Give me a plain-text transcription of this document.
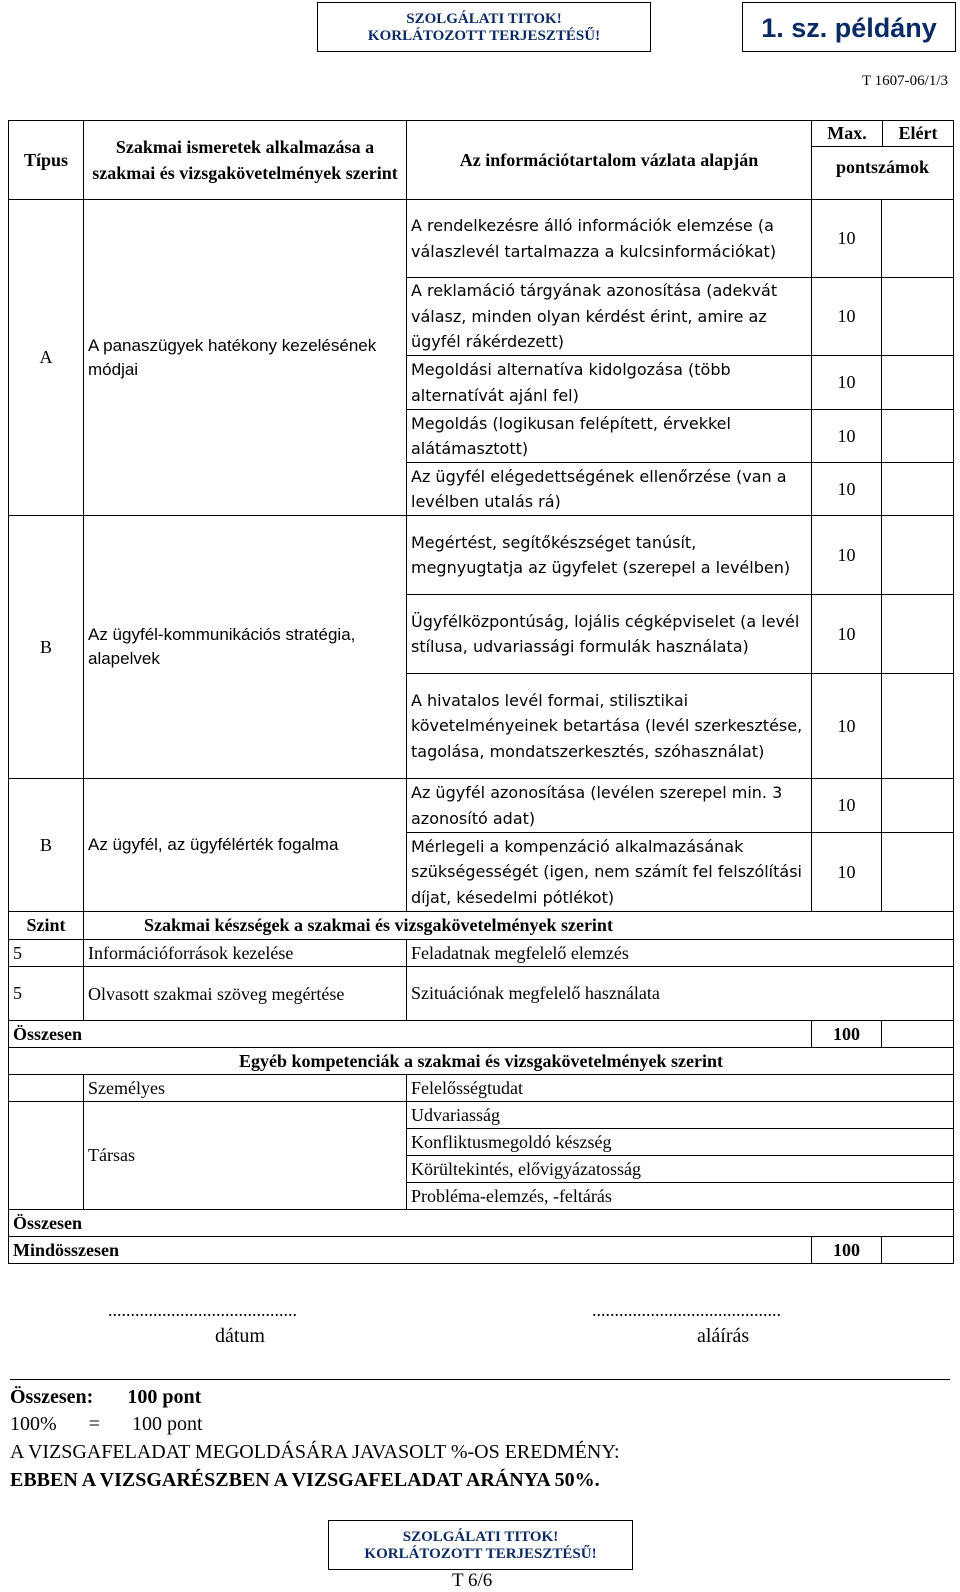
SZOLGÁLATI TITOK!
KORLÁTOZOTT TERJESZTÉSŰ!	1. sz. példány
T 1607-06/1/3
Típus	Szakmai ismeretek alkalmazása a szakmai és vizsgakövetelmények szerint	Az információtartalom vázlata alapján	Max. Elért
pontszámok	

A	A panaszügyek hatékony kezelésének módjai	A rendelkezésre álló információk elemzése (a válaszlevél tartalmazza a kulcsinformációkat)	10	
		A reklamáció tárgyának azonosítása (adekvát válasz, minden olyan kérdést érint, amire az ügyfél rákérdezett)	10	
		Megoldási alternatíva kidolgozása (több alternatívát ajánl fel)	10	
		Megoldás (logikusan felépített, érvekkel alátámasztott)	10	
		Az ügyfél elégedettségének ellenőrzése (van a levélben utalás rá)	10	
B	Az ügyfél-kommunikációs stratégia, alapelvek	Megértést, segítőkészséget tanúsít, megnyugtatja az ügyfelet (szerepel a levélben)	10	
		Ügyfélközpontúság, lojális cégképviselet (a levél stílusa, udvariassági formulák használata)	10	
		A hivatalos levél formai, stilisztikai követelményeinek betartása (levél szerkesztése, tagolása, mondatszerkesztés, szóhasználat)	10	
B	Az ügyfél, az ügyfélérték fogalma	Az ügyfél azonosítása (levélen szerepel min. 3 azonosító adat)	10	
		Mérlegeli a kompenzáció alkalmazásának szükségességét (igen, nem számít fel felszólítási díjat, késedelmi pótlékot)	10	
Szint	Szakmai készségek a szakmai és vizsgakövetelmények szerint			
5	Információforrások kezelése	Feladatnak megfelelő elemzés		
5	Olvasott szakmai szöveg megértése	Szituációnak megfelelő használata		
Összesen			100	
Egyéb kompetenciák a szakmai és vizsgakövetelmények szerint				
	Személyes	Felelősségtudat		
	Társas	Udvariasság		
		Konfliktusmegoldó készség		
		Körültekintés, elővigyázatosság		
		Probléma-elemzés, -feltárás		
Összesen				
Mindösszesen			100	
..........................................	..........................................
dátum	aláírás
Összesen: 100 pont
100% = 100 pont
A VIZSGAFELADAT MEGOLDÁSÁRA JAVASOLT %-OS EREDMÉNY:
EBBEN A VIZSGARÉSZBEN A VIZSGAFELADAT ARÁNYA 50%.
SZOLGÁLATI TITOK!
KORLÁTOZOTT TERJESZTÉSŰ!
T 6/6
